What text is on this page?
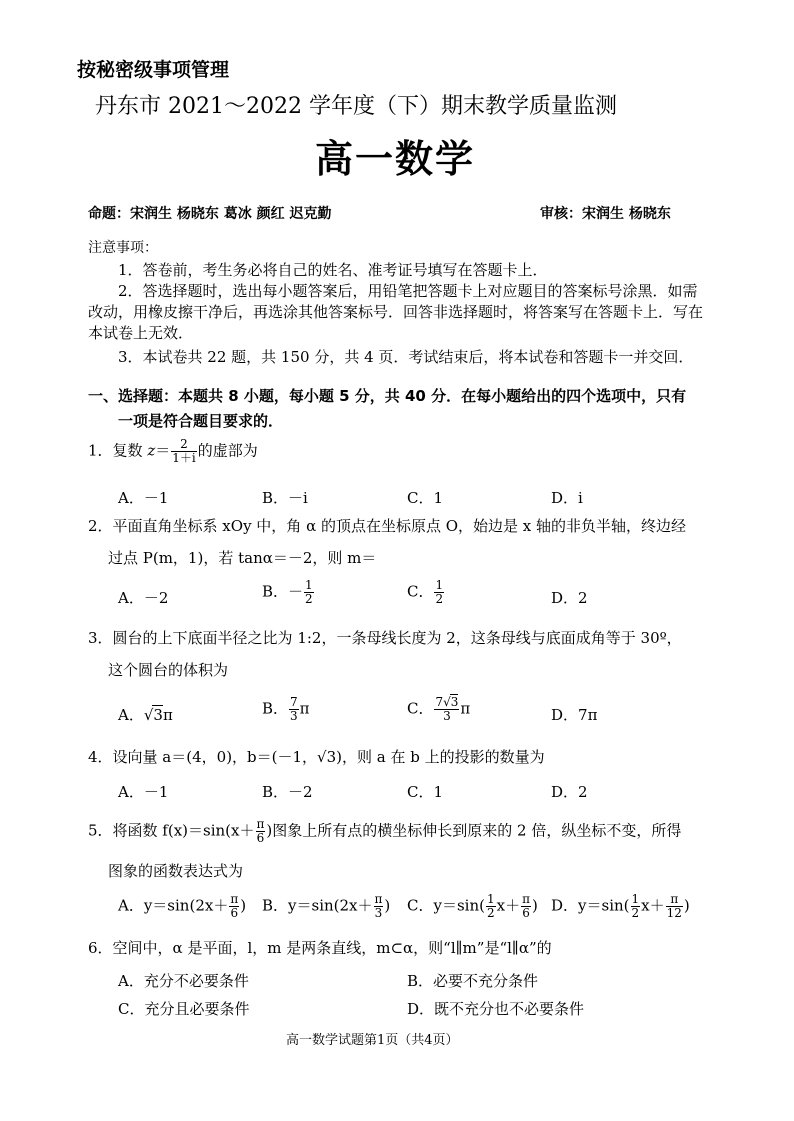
按秘密级事项管理
丹东市 2021～2022 学年度（下）期末教学质量监测
高一数学
命题：宋润生 杨晓东 葛冰 颜红 迟克勤	审核：宋润生 杨晓东
注意事项：
1．答卷前，考生务必将自己的姓名、准考证号填写在答题卡上．
2．答选择题时，选出每小题答案后，用铅笔把答题卡上对应题目的答案标号涂黑．如需改动，用橡皮擦干净后，再选涂其他答案标号．回答非选择题时，将答案写在答题卡上．写在本试卷上无效．
3．本试卷共 22 题，共 150 分，共 4 页．考试结束后，将本试卷和答题卡一并交回．
一、选择题：本题共 8 小题，每小题 5 分，共 40 分．在每小题给出的四个选项中，只有
一项是符合题目要求的．
1．复数 $z= \frac{2}{1+i}$ 的虚部为
A．－1	B．－i	C．1	D．i
2．平面直角坐标系 xOy 中，角 α 的顶点在坐标原点 O，始边是 x 轴的非负半轴，终边经
过点 P(m，1)，若 tanα＝－2，则 m＝
A．－2	B．－ $\frac{1}{2}$	C． $\frac{1}{2}$	D．2
3．圆台的上下底面半径之比为 1:2，一条母线长度为 2，这条母线与底面成角等于 30º，
这个圆台的体积为
A．√3π	B． $\frac{7}{3}$ π	C． $\frac{7√3}{3}$ π	D．7π
4．设向量 a＝(4，0)，b＝(－1，√3)，则 a 在 b 上的投影的数量为
A．－1	B．－2	C．1	D．2
5．将函数 $f(x)=\sin(x+ \frac{\pi}{6}$ )图象上所有点的横坐标伸长到原来的 2 倍，纵坐标不变，所得
图象的函数表达式为
A．$y=\sin(2x+ \frac{\pi}{6}$ ) B．$y=\sin(2x+ \frac{\pi}{3}$ ) C．$y=\sin( \frac{1}{2} x+ \frac{\pi}{6}$ ) D．$y=\sin( \frac{1}{2} x+ \frac{\pi}{12}$ )
6．空间中，α 是平面，l，m 是两条直线，m⊂α，则“l∥m”是“l∥α”的
A．充分不必要条件	B．必要不充分条件
C．充分且必要条件	D．既不充分也不必要条件
高一数学试题第1页（共4页）
